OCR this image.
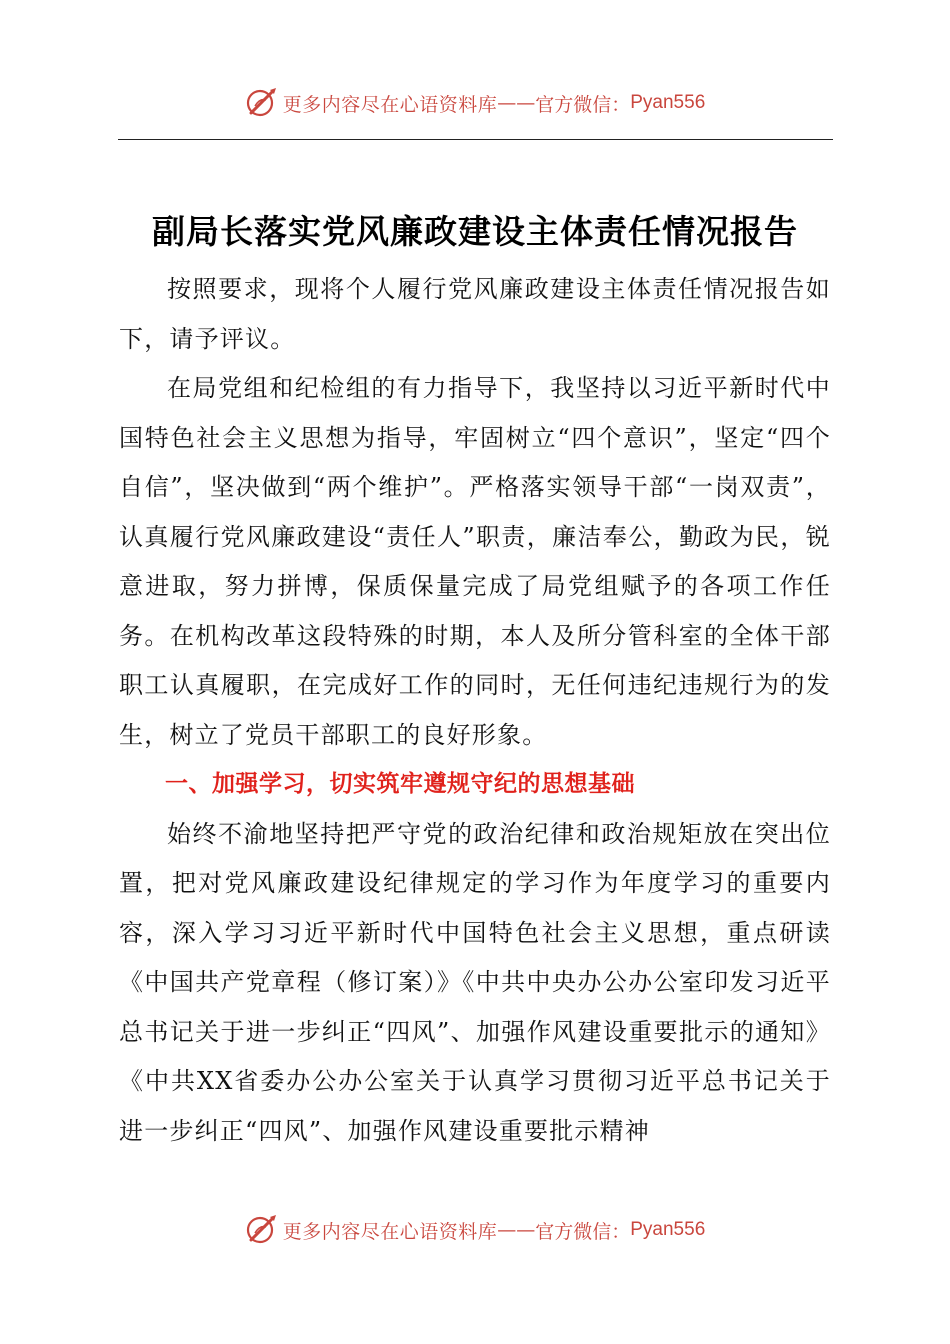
更多内容尽在心语资料库 —— 官方微信： Pyan556
副局长落实党风廉政建设主体责任情况报告

按照要求，现将个人履行党风廉政建设主体责任情况报告如下，请予评议。

在局党组和纪检组的有力指导下，我坚持以习近平新时代中国特色社会主义思想为指导，牢固树立“四个意识”，坚定“四个自信”，坚决做到“两个维护”。严格落实领导干部“一岗双责”，认真履行党风廉政建设“责任人”职责，廉洁奉公，勤政为民，锐意进取，努力拼博，保质保量完成了局党组赋予的各项工作任务。在机构改革这段特殊的时期，本人及所分管科室的全体干部职工认真履职，在完成好工作的同时，无任何违纪违规行为的发生，树立了党员干部职工的良好形象。

一、加强学习，切实筑牢遵规守纪的思想基础

始终不渝地坚持把严守党的政治纪律和政治规矩放在突出位置，把对党风廉政建设纪律规定的学习作为年度学习的重要内容，深入学习习近平新时代中国特色社会主义思想，重点研读《中国共产党章程（修订案）》《中共中央办公办公室印发习近平总书记关于进一步纠正“四风”、加强作风建设重要批示的通知》《中共XX省委办公办公室关于认真学习贯彻习近平总书记关于进一步纠正“四风”、加强作风建设重要批示精神

更多内容尽在心语资料库 —— 官方微信： Pyan556
